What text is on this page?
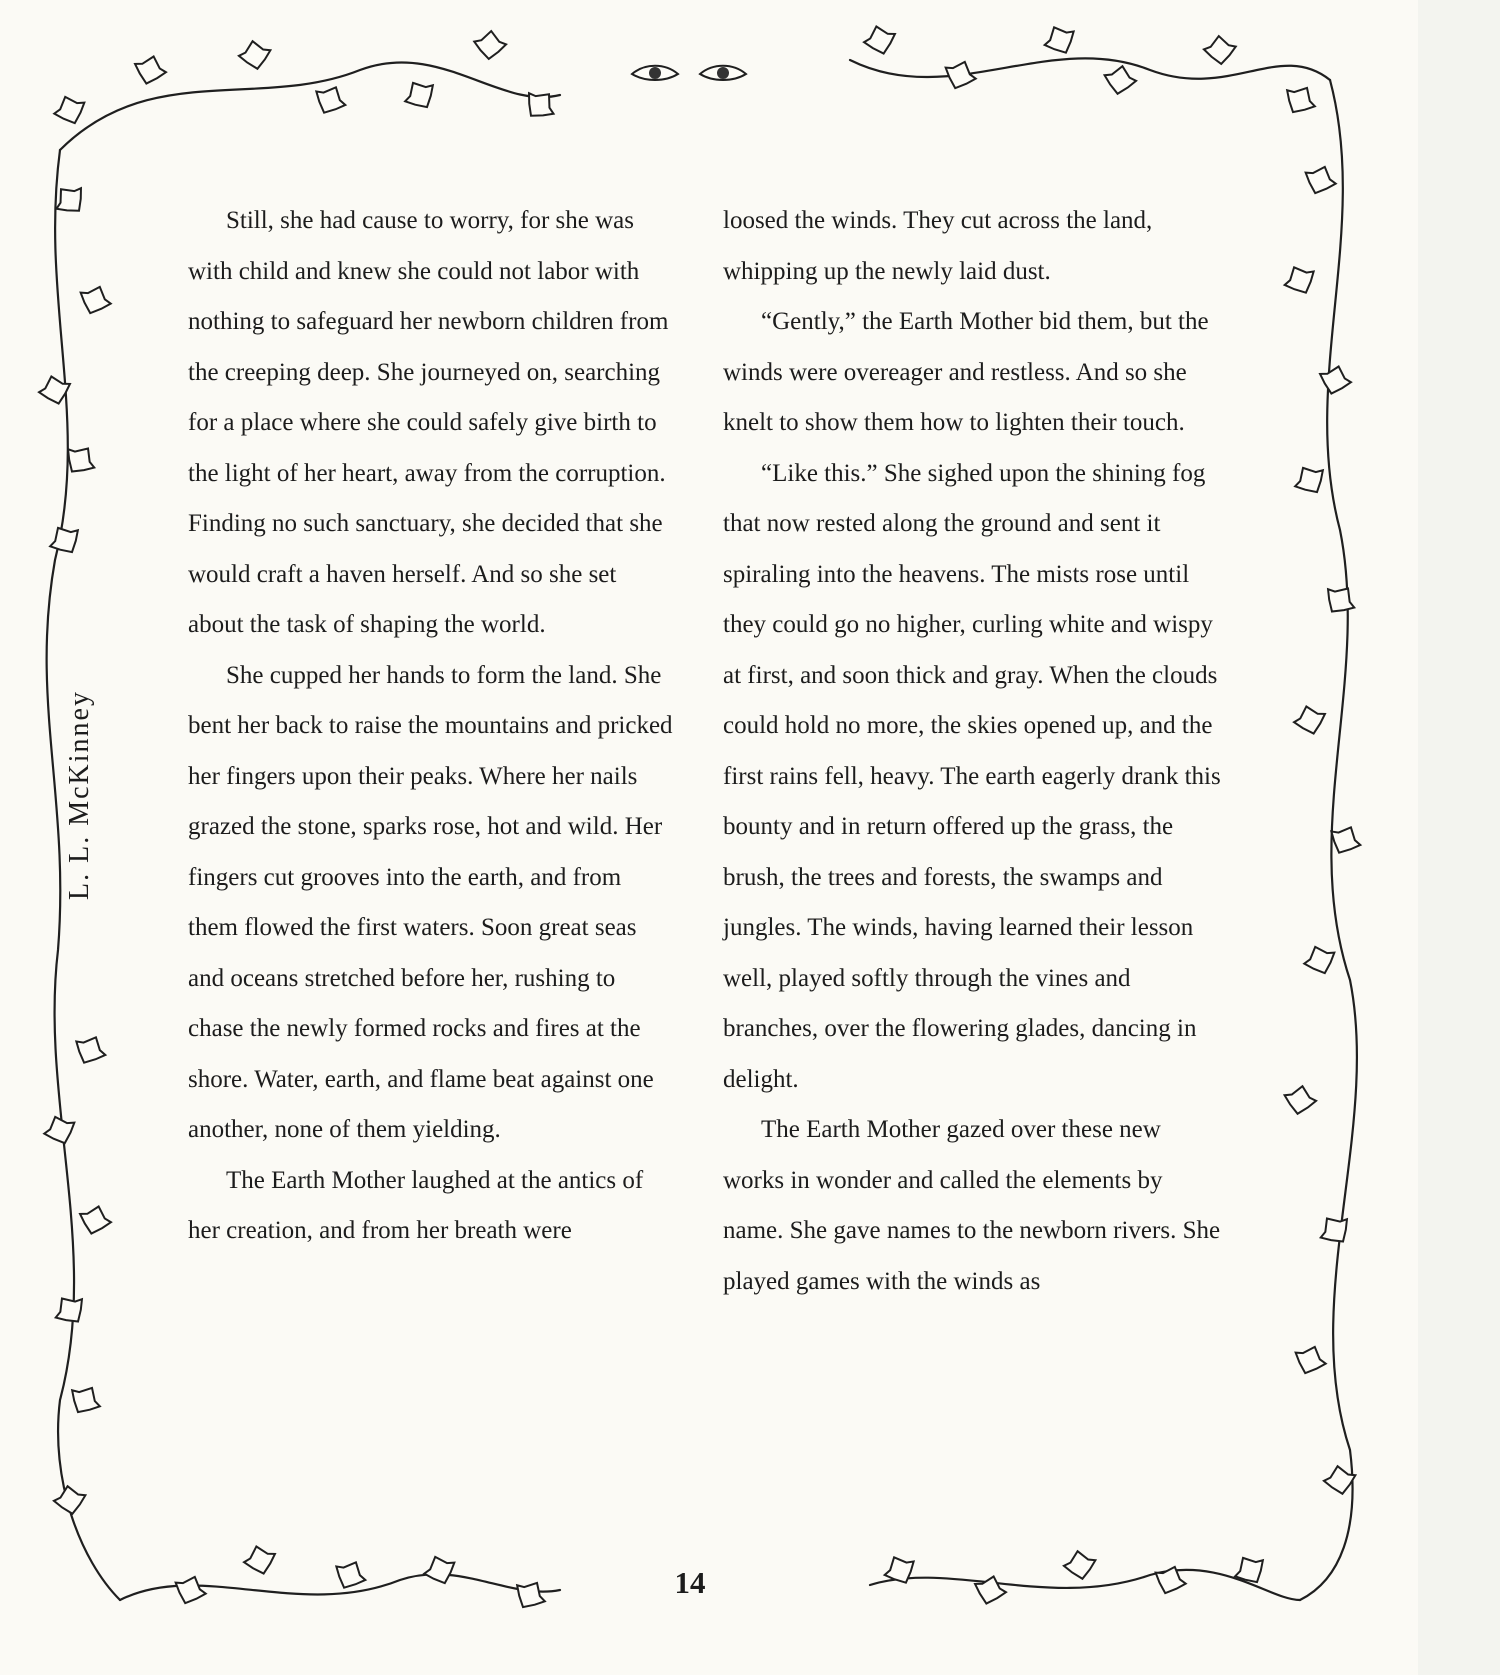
L. L. McKinney

Still, she had cause to worry, for she was with child and knew she could not labor with nothing to safeguard her newborn children from the creeping deep. She journeyed on, searching for a place where she could safely give birth to the light of her heart, away from the corruption. Finding no such sanctuary, she decided that she would craft a haven herself. And so she set about the task of shaping the world.

She cupped her hands to form the land. She bent her back to raise the mountains and pricked her fingers upon their peaks. Where her nails grazed the stone, sparks rose, hot and wild. Her fingers cut grooves into the earth, and from them flowed the first waters. Soon great seas and oceans stretched before her, rushing to chase the newly formed rocks and fires at the shore. Water, earth, and flame beat against one another, none of them yielding.

The Earth Mother laughed at the antics of her creation, and from her breath were

loosed the winds. They cut across the land, whipping up the newly laid dust.

“Gently,” the Earth Mother bid them, but the winds were overeager and restless. And so she knelt to show them how to lighten their touch.

“Like this.” She sighed upon the shining fog that now rested along the ground and sent it spiraling into the heavens. The mists rose until they could go no higher, curling white and wispy at first, and soon thick and gray. When the clouds could hold no more, the skies opened up, and the first rains fell, heavy. The earth eagerly drank this bounty and in return offered up the grass, the brush, the trees and forests, the swamps and jungles. The winds, having learned their lesson well, played softly through the vines and branches, over the flowering glades, dancing in delight.

The Earth Mother gazed over these new works in wonder and called the elements by name. She gave names to the newborn rivers. She played games with the winds as

14
